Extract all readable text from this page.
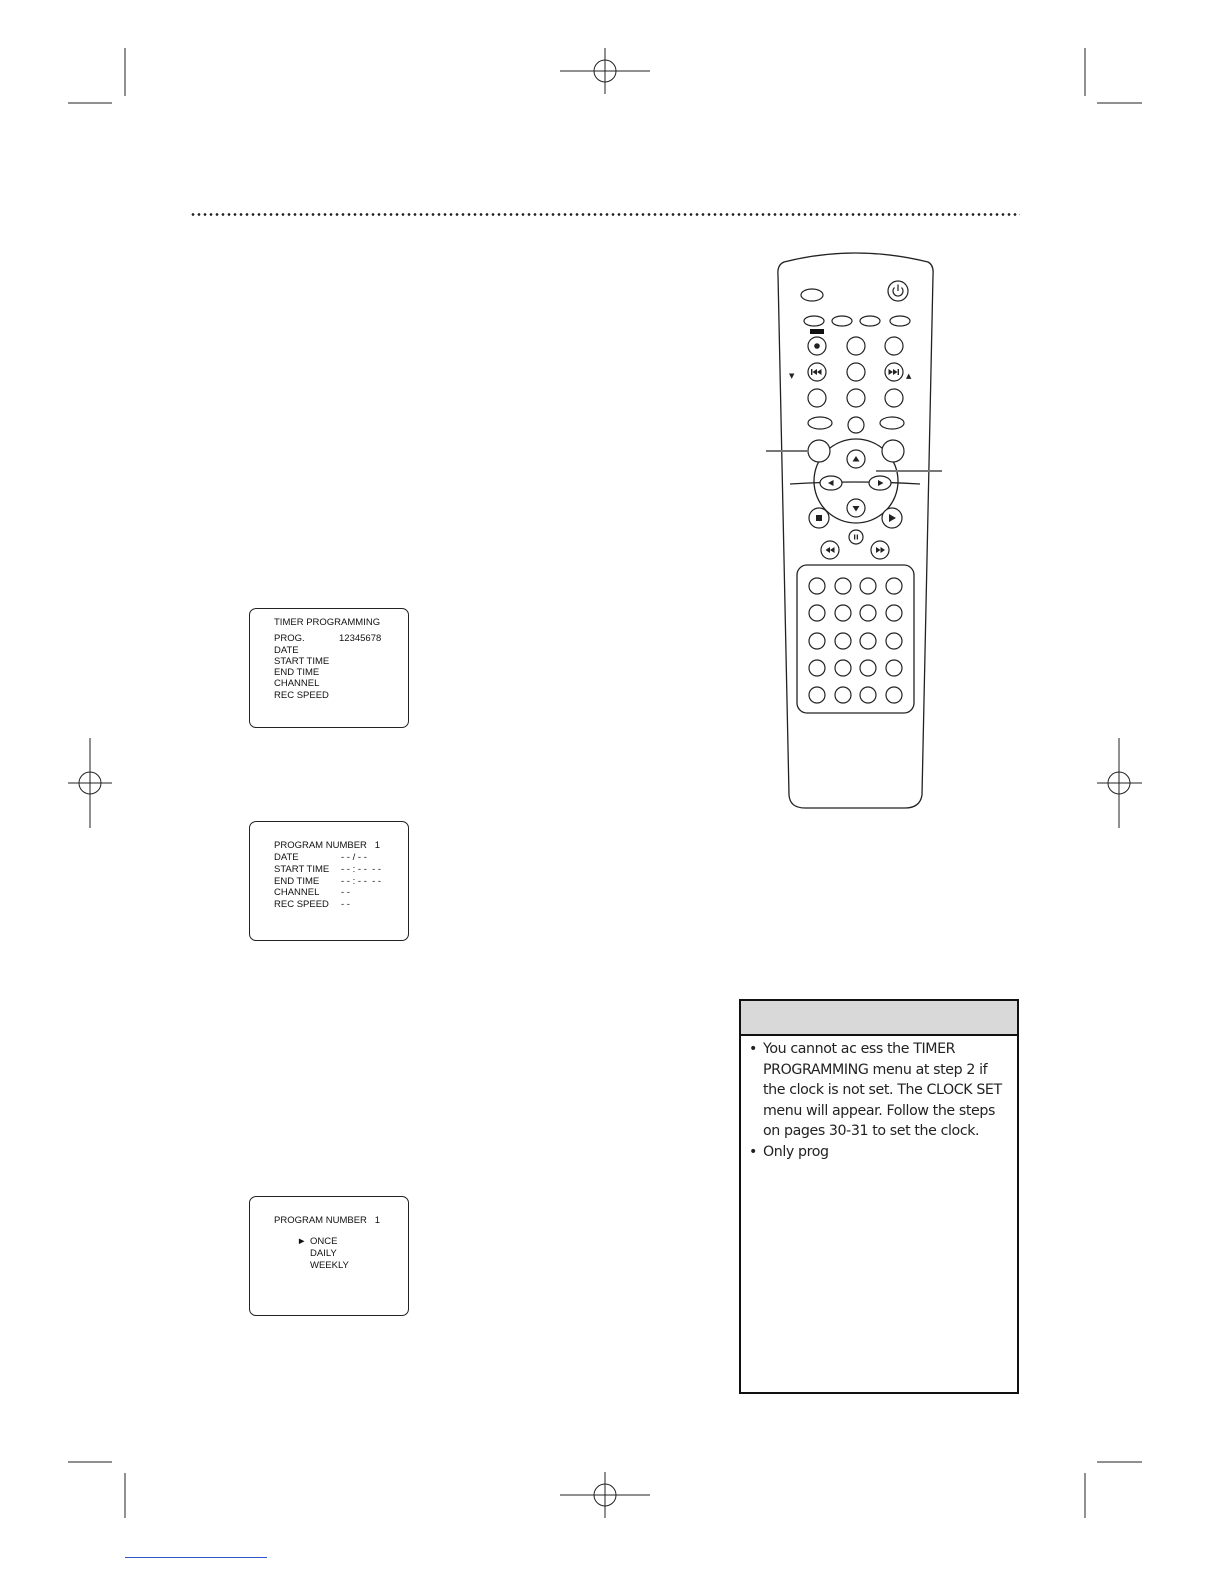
TIMER PROGRAMMING
PROG.	12345678
DATE
START TIME
END TIME
CHANNEL
REC SPEED
PROGRAM NUMBER   1
DATE	- - / - -
START TIME - - : - -  - -
END TIME - - : - -  - -
CHANNEL - -
REC SPEED - -
PROGRAM NUMBER   1
► ONCE
DAILY
WEEKLY
▼	▲
• You cannot ac ess the TIMER PROGRAMMING menu at step 2 if the clock is not set. The CLOCK SET menu will appear. Follow the steps on pages 30-31 to set the clock.
• Only prog
